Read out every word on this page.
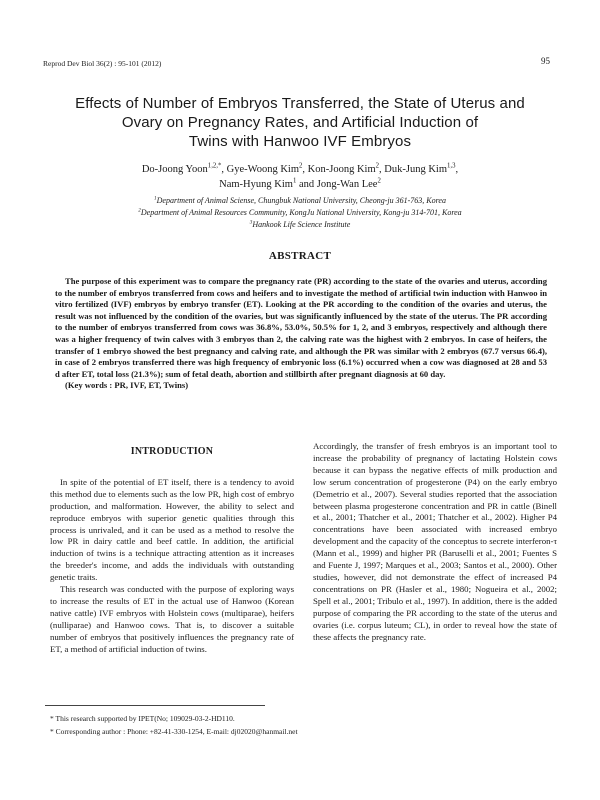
Reprod Dev Biol 36(2) : 95-101 (2012)	95
Effects of Number of Embryos Transferred, the State of Uterus and
Ovary on Pregnancy Rates, and Artificial Induction of
Twins with Hanwoo IVF Embryos
Do-Joong Yoon$^{1,2,*}$, Gye-Woong Kim$^2$, Kon-Joong Kim$^2$, Duk-Jung Kim$^{1,3}$,
Nam-Hyung Kim$^1$ and Jong-Wan Lee$^2$
$^1$Department of Animal Sciense, Chungbuk National University, Cheong-ju 361-763, Korea
$^2$Department of Animal Resources Community, KongJu National University, Kong-ju 314-701, Korea
$^3$Hankook Life Science Institute
ABSTRACT

The purpose of this experiment was to compare the pregnancy rate (PR) according to the state of the ovaries and uterus, according to the number of embryos transferred from cows and heifers and to investigate the method of artificial twin induction with Hanwoo in vitro fertilized (IVF) embryos by embryo transfer (ET). Looking at the PR according to the condition of the ovaries and uterus, the result was not influenced by the condition of the ovaries, but was significantly influenced by the state of the uterus. The PR according to the number of embryos transferred from cows was 36.8%, 53.0%, 50.5% for 1, 2, and 3 embryos, respectively and although there was a higher frequency of twin calves with 3 embryos than 2, the calving rate was the highest with 2 embryos. In case of heifers, the transfer of 1 embryo showed the best pregnancy and calving rate, and although the PR was similar with 2 embryos (67.7 versus 66.4), in case of 2 embryos transferred there was high frequency of embryonic loss (6.1%) occurred when a cow was diagnosed at 28 and 53 d after ET, total loss (21.3%); sum of fetal death, abortion and stillbirth after pregnant diagnosis at 60 day.

(Key words : PR, IVF, ET, Twins)
INTRODUCTION

In spite of the potential of ET itself, there is a tendency to avoid this method due to elements such as the low PR, high cost of embryo production, and malformation. However, the ability to select and reproduce embryos with superior genetic qualities through this process is unrivaled, and it can be used as a method to resolve the low PR in dairy cattle and beef cattle. In addition, the artificial induction of twins is a technique attracting attention as it increases the breeder's income, and adds the individuals with outstanding genetic traits.

This research was conducted with the purpose of exploring ways to increase the results of ET in the actual use of Hanwoo (Korean native cattle) IVF embryos with Holstein cows (multiparae), heifers (nulliparae) and Hanwoo cows. That is, to discover a suitable number of embryos that positively influences the pregnancy rate of ET, a method of artificial induction of twins.

Accordingly, the transfer of fresh embryos is an important tool to increase the probability of pregnancy of lactating Holstein cows because it can bypass the negative effects of milk production and low serum concentration of progesterone (P4) on the early embryo (Demetrio et al., 2007). Several studies reported that the association between plasma progesterone concentration and PR in cattle (Binell et al., 2001; Thatcher et al., 2001; Thatcher et al., 2002). Higher P4 concentrations have been associated with increased embryo development and the capacity of the conceptus to secrete interferon-τ (Mann et al., 1999) and higher PR (Baruselli et al., 2001; Fuentes S and Fuente J, 1997; Marques et al., 2003; Santos et al., 2000). Other studies, however, did not demonstrate the effect of increased P4 concentrations on PR (Hasler et al., 1980; Nogueira et al., 2002; Spell et al., 2001; Tribulo et al., 1997). In addition, there is the added purpose of comparing the PR according to the state of the uterus and ovaries (i.e. corpus luteum; CL), in order to reveal how the state of these affects the pregnancy rate.

* This research supported by IPET(No; 109029-03-2-HD110.
* Corresponding author : Phone: +82-41-330-1254, E-mail: dj02020@hanmail.net
